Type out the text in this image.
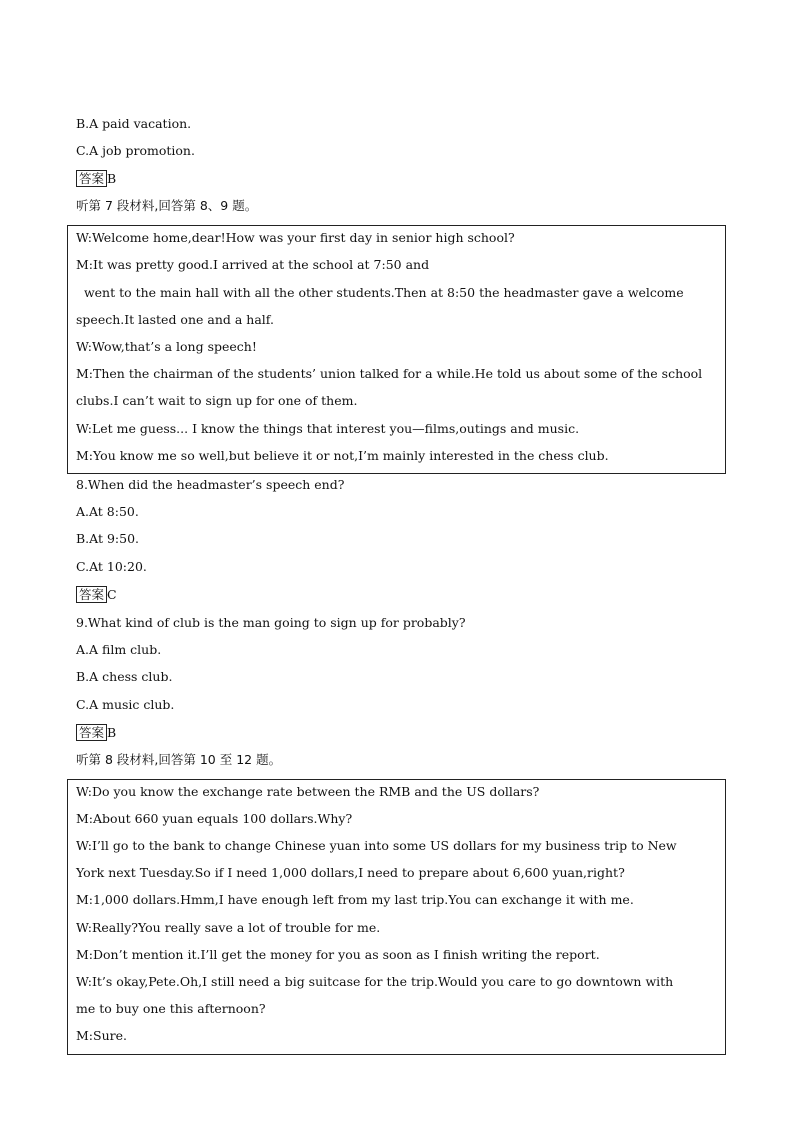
B.A paid vacation.
C.A job promotion.
答案 B
听第 7 段材料,回答第 8、9 题。
W:Welcome home,dear!How was your first day in senior high school?
M:It was pretty good.I arrived at the school at 7:50 and
went to the main hall with all the other students.Then at 8:50 the headmaster gave a welcome
speech.It lasted one and a half.
W:Wow,that’s a long speech!
M:Then the chairman of the students’ union talked for a while.He told us about some of the school
clubs.I can’t wait to sign up for one of them.
W:Let me guess... I know the things that interest you—films,outings and music.
M:You know me so well,but believe it or not,I’m mainly interested in the chess club.
8.When did the headmaster’s speech end?
A.At 8:50.
B.At 9:50.
C.At 10:20.
答案 C
9.What kind of club is the man going to sign up for probably?
A.A film club.
B.A chess club.
C.A music club.
答案 B
听第 8 段材料,回答第 10 至 12 题。
W:Do you know the exchange rate between the RMB and the US dollars?
M:About 660 yuan equals 100 dollars.Why?
W:I’ll go to the bank to change Chinese yuan into some US dollars for my business trip to New
York next Tuesday.So if I need 1,000 dollars,I need to prepare about 6,600 yuan,right?
M:1,000 dollars.Hmm,I have enough left from my last trip.You can exchange it with me.
W:Really?You really save a lot of trouble for me.
M:Don’t mention it.I’ll get the money for you as soon as I finish writing the report.
W:It’s okay,Pete.Oh,I still need a big suitcase for the trip.Would you care to go downtown with
me to buy one this afternoon?
M:Sure.
